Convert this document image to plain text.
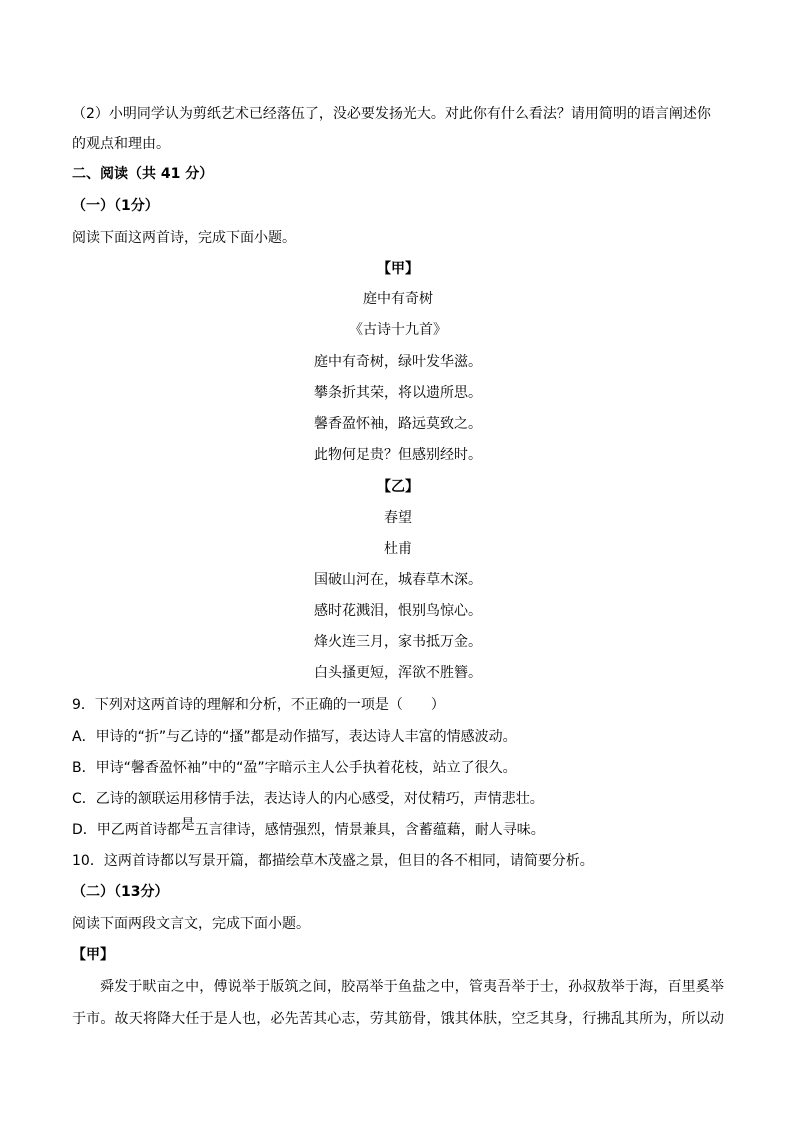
（2）小明同学认为剪纸艺术已经落伍了，没必要发扬光大。对此你有什么看法？请用简明的语言阐述你
的观点和理由。
二、阅读（共 41 分）
（一）（1分）
阅读下面这两首诗，完成下面小题。
【甲】
庭中有奇树
《古诗十九首》
庭中有奇树，绿叶发华滋。
攀条折其荣，将以遗所思。
馨香盈怀袖，路远莫致之。
此物何足贵？但感别经时。
【乙】
春望
杜甫
国破山河在，城春草木深。
感时花溅泪，恨别鸟惊心。
烽火连三月，家书抵万金。
白头搔更短，浑欲不胜簪。
9．下列对这两首诗的理解和分析，不正确的一项是（　　）
A．甲诗的“折”与乙诗的“搔”都是动作描写，表达诗人丰富的情感波动。
B．甲诗“馨香盈怀袖”中的“盈”字暗示主人公手执着花枝，站立了很久。
C．乙诗的颔联运用移情手法，表达诗人的内心感受，对仗精巧，声情悲壮。
D．甲乙两首诗都是五言律诗，感情强烈，情景兼具，含蓄蕴藉，耐人寻味。
10．这两首诗都以写景开篇，都描绘草木茂盛之景，但目的各不相同，请简要分析。
（二）（13分）
阅读下面两段文言文，完成下面小题。
【甲】
舜发于畎亩之中，傅说举于版筑之间，胶鬲举于鱼盐之中，管夷吾举于士，孙叔敖举于海，百里奚举
于市。故天将降大任于是人也，必先苦其心志，劳其筋骨，饿其体肤，空乏其身，行拂乱其所为，所以动
